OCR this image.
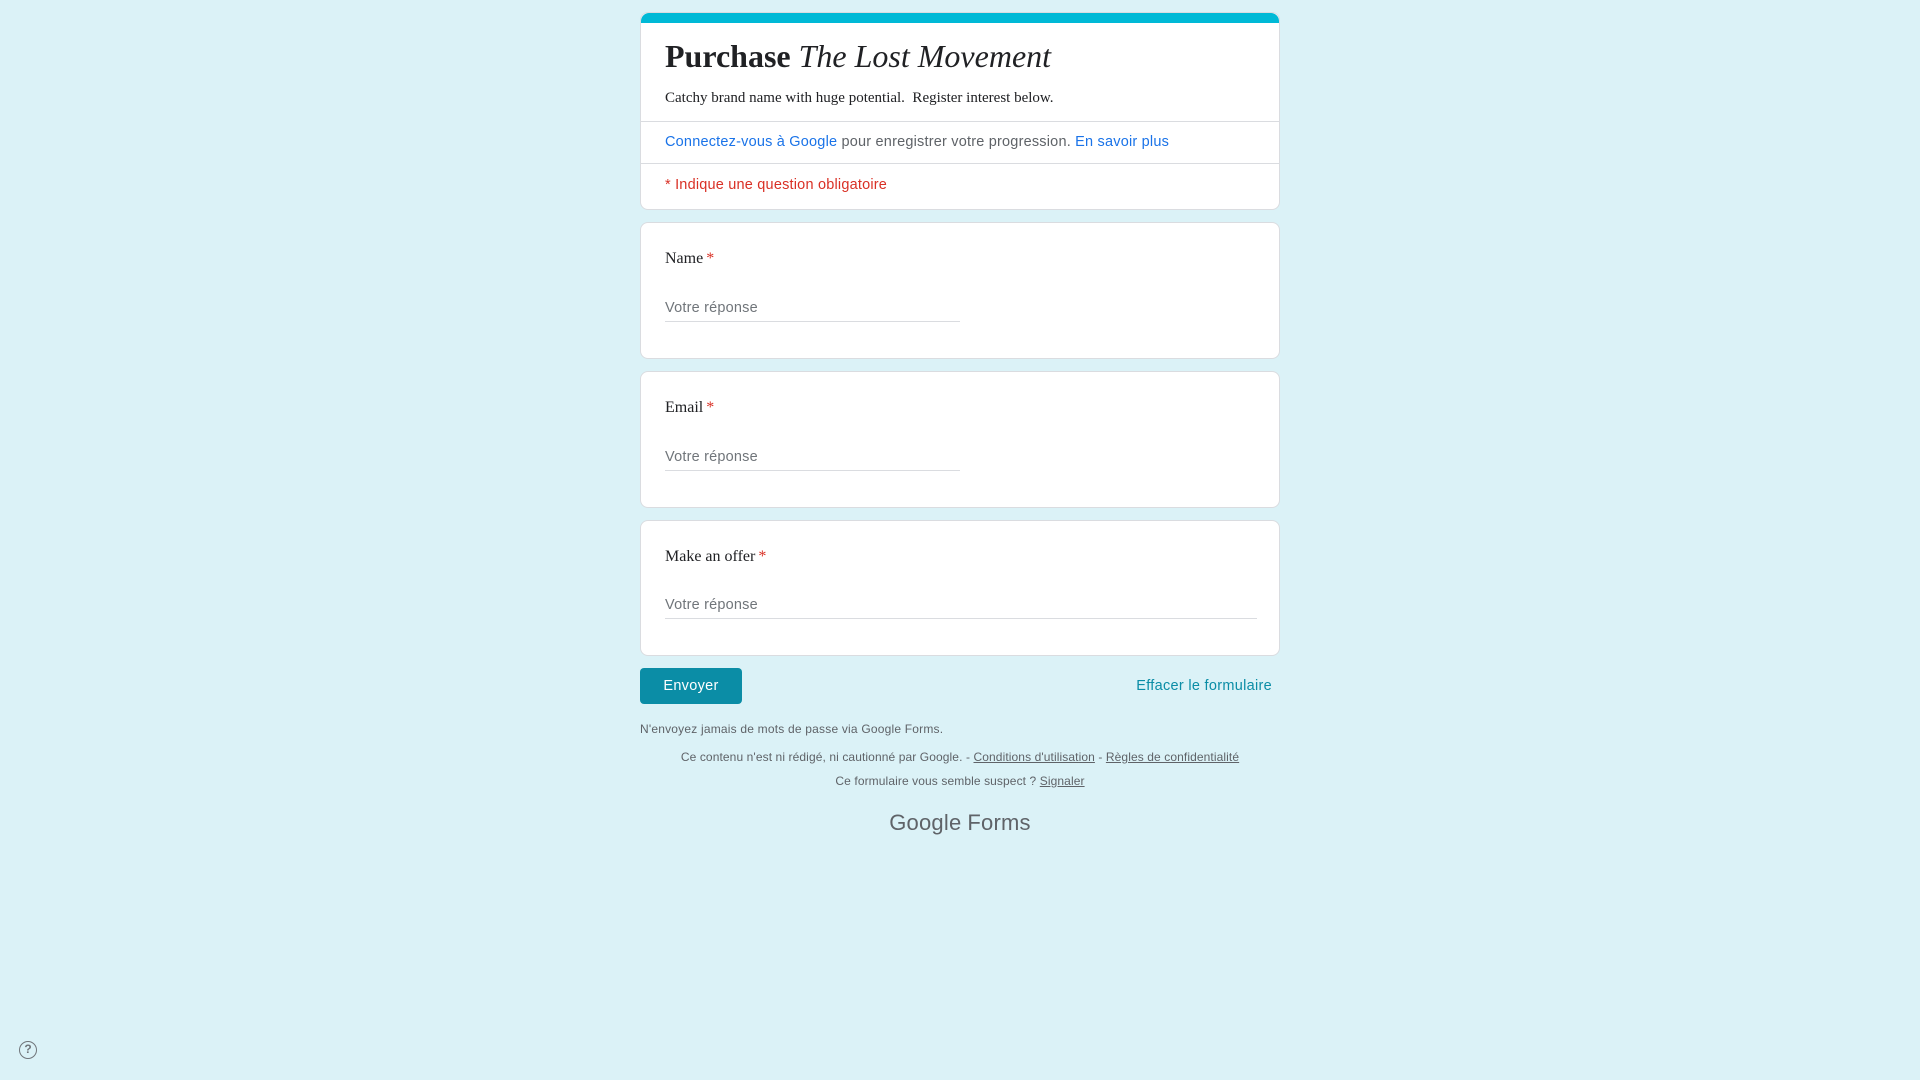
Purchase The Lost Movement
Catchy brand name with huge potential.  Register interest below.
Connectez-vous à Google pour enregistrer votre progression. En savoir plus
* Indique une question obligatoire
Name *
Votre réponse
Email *
Votre réponse
Make an offer *
Votre réponse
Envoyer	Effacer le formulaire
N'envoyez jamais de mots de passe via Google Forms.
Ce contenu n'est ni rédigé, ni cautionné par Google. - Conditions d'utilisation - Règles de confidentialité
Ce formulaire vous semble suspect ? Signaler
Google Forms
?
